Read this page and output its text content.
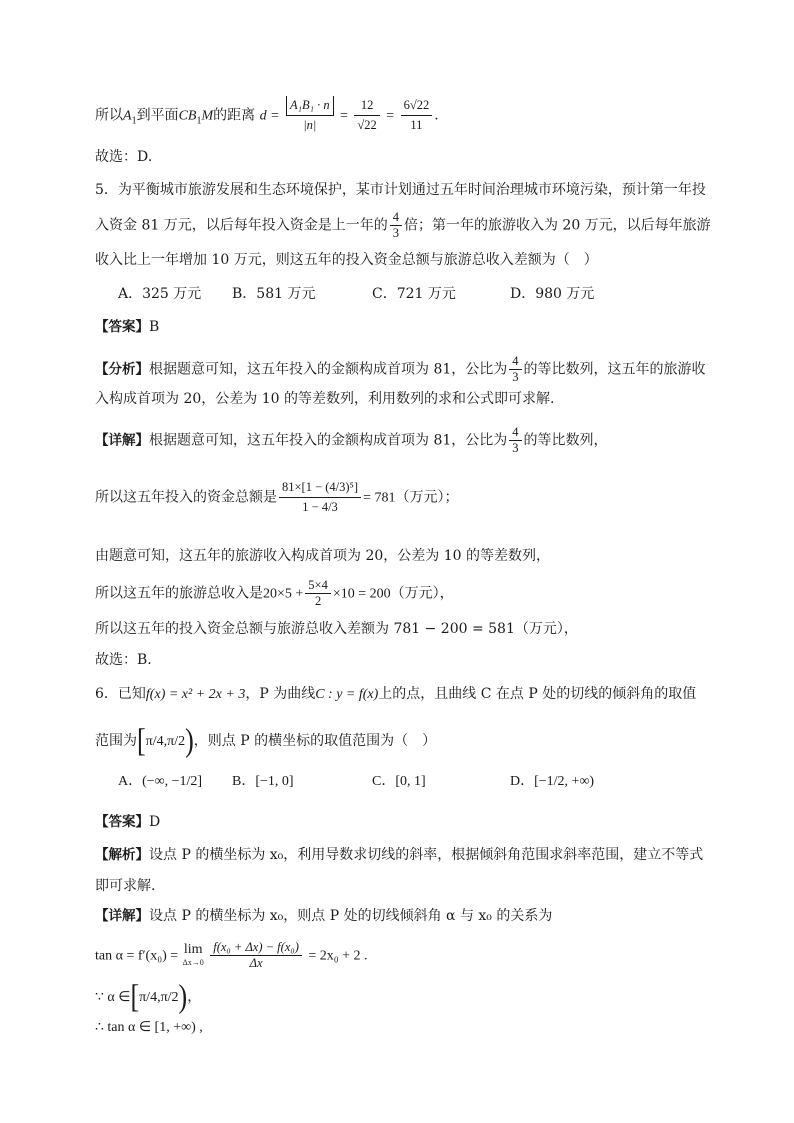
所以$A_1$到平面$CB_1M$的距离 $d = \frac{\text{A₁B₁ · n}}{|n|} = \frac{12}{√22} = \frac{6√22}{11}$ .
故选：D.
5．为平衡城市旅游发展和生态环境保护，某市计划通过五年时间治理城市环境污染，预计第一年投
入资金 81 万元，以后每年投入资金是上一年的 $\frac{4}{3}$ 倍；第一年的旅游收入为 20 万元，以后每年旅游
收入比上一年增加 10 万元，则这五年的投入资金总额与旅游总收入差额为（　）
A．325 万元 B．581 万元	C．721 万元	D．980 万元
【答案】B
【分析】根据题意可知，这五年投入的金额构成首项为 81，公比为 $\frac{4}{3}$ 的等比数列，这五年的旅游收
入构成首项为 20，公差为 10 的等差数列，利用数列的求和公式即可求解.
【详解】根据题意可知，这五年投入的金额构成首项为 81，公比为 $\frac{4}{3}$ 的等比数列，
所以这五年投入的资金总额是 $\frac{\text{81×[1 − (4/3)⁵]}}{1 - 4/3} = 781$（万元）；
由题意可知，这五年的旅游收入构成首项为 20，公差为 10 的等差数列，
所以这五年的旅游总收入是$20\times 5 + \frac{5\times 4}{2} \times 10 = 200$（万元），
所以这五年的投入资金总额与旅游总收入差额为 781 − 200 = 581（万元），
故选：B.
6．已知f(x) = x² + 2x + 3，P 为曲线C : y = f(x)上的点，且曲线 C 在点 P 处的切线的倾斜角的取值
范围为[π/4,π/2)，则点 P 的横坐标的取值范围为（　）
A．(−∞, −1/2] B．[−1, 0]	C．[0, 1]	D．[−1/2, +∞)
【答案】D
【解析】设点 P 的横坐标为 x₀，利用导数求切线的斜率，根据倾斜角范围求斜率范围，建立不等式
即可求解.
【详解】设点 P 的横坐标为 x₀，则点 P 处的切线倾斜角 α 与 x₀ 的关系为
tan α = f′(x₀) = lim
Δx→0
$\frac{\text{f(x₀ + Δx) − f(x₀)}}{\Delta x} = 2x_0 + 2$ .
∵ α ∈[π/4,π/2)，
∴ tan α ∈ [1, +∞) ,
